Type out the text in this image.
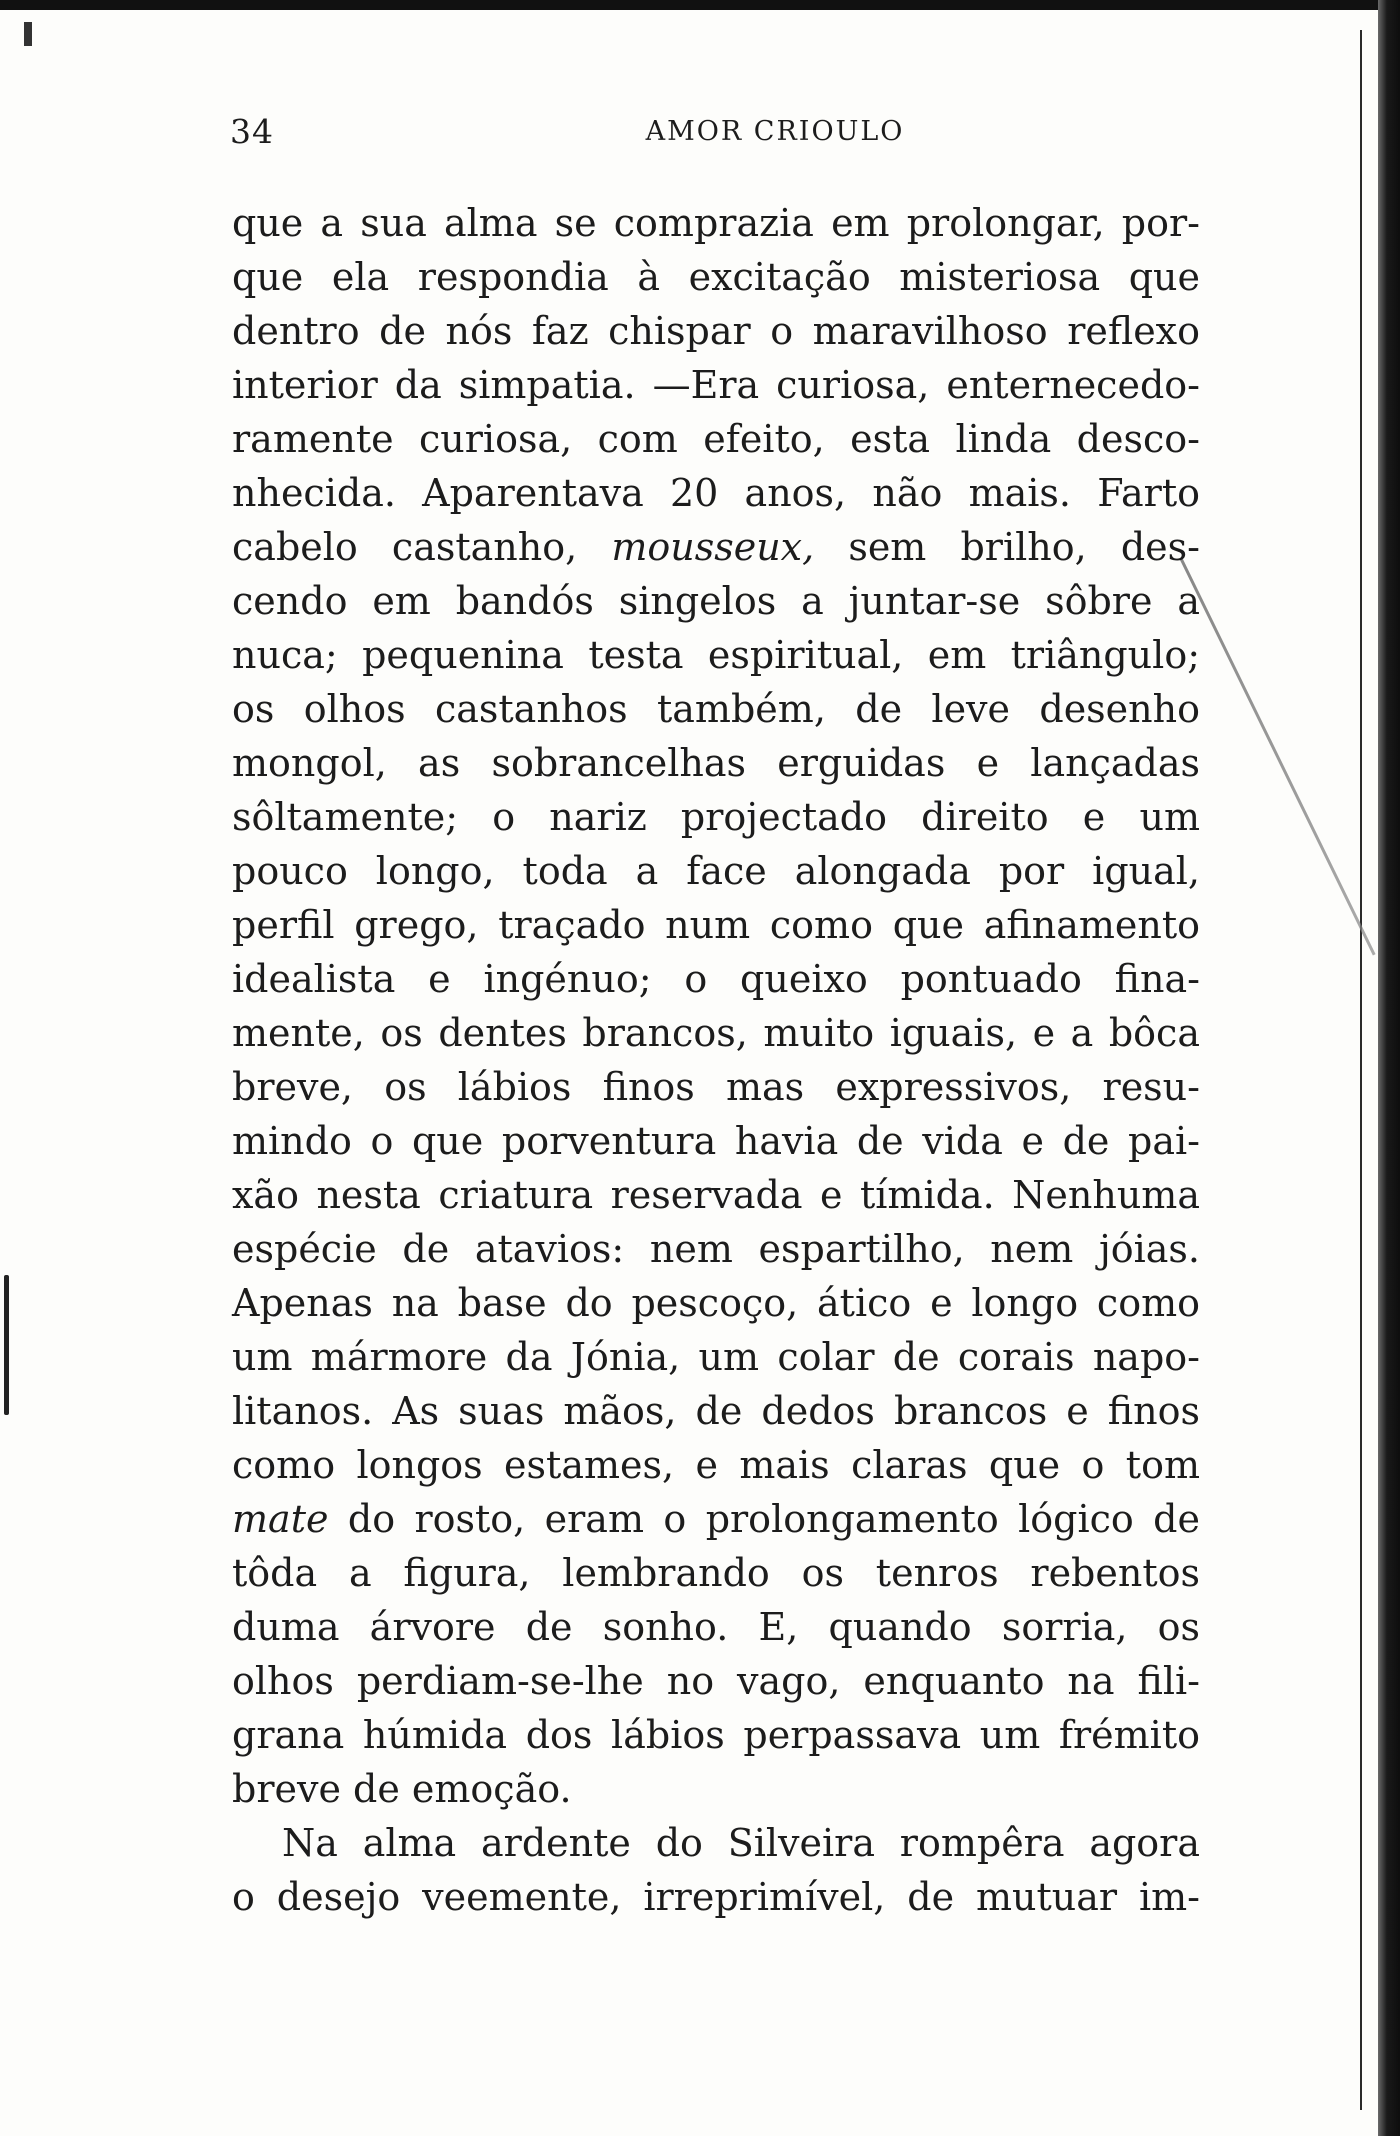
34	AMOR CRIOULO
que a sua alma se comprazia em prolongar, por-
que ela respondia à excitação misteriosa que
dentro de nós faz chispar o maravilhoso reflexo
interior da simpatia. —Era curiosa, enternecedo-
ramente curiosa, com efeito, esta linda desco-
nhecida. Aparentava 20 anos, não mais. Farto
cabelo castanho, mousseux, sem brilho, des-
cendo em bandós singelos a juntar-se sôbre a
nuca; pequenina testa espiritual, em triângulo;
os olhos castanhos também, de leve desenho
mongol, as sobrancelhas erguidas e lançadas
sôltamente; o nariz projectado direito e um
pouco longo, toda a face alongada por igual,
perfil grego, traçado num como que afinamento
idealista e ingénuo; o queixo pontuado fina-
mente, os dentes brancos, muito iguais, e a bôca
breve, os lábios finos mas expressivos, resu-
mindo o que porventura havia de vida e de pai-
xão nesta criatura reservada e tímida. Nenhuma
espécie de atavios: nem espartilho, nem jóias.
Apenas na base do pescoço, ático e longo como
um mármore da Jónia, um colar de corais napo-
litanos. As suas mãos, de dedos brancos e finos
como longos estames, e mais claras que o tom
mate do rosto, eram o prolongamento lógico de
tôda a figura, lembrando os tenros rebentos
duma árvore de sonho. E, quando sorria, os
olhos perdiam-se-lhe no vago, enquanto na fili-
grana húmida dos lábios perpassava um frémito
breve de emoção.
Na alma ardente do Silveira rompêra agora
o desejo veemente, irreprimível, de mutuar im-
